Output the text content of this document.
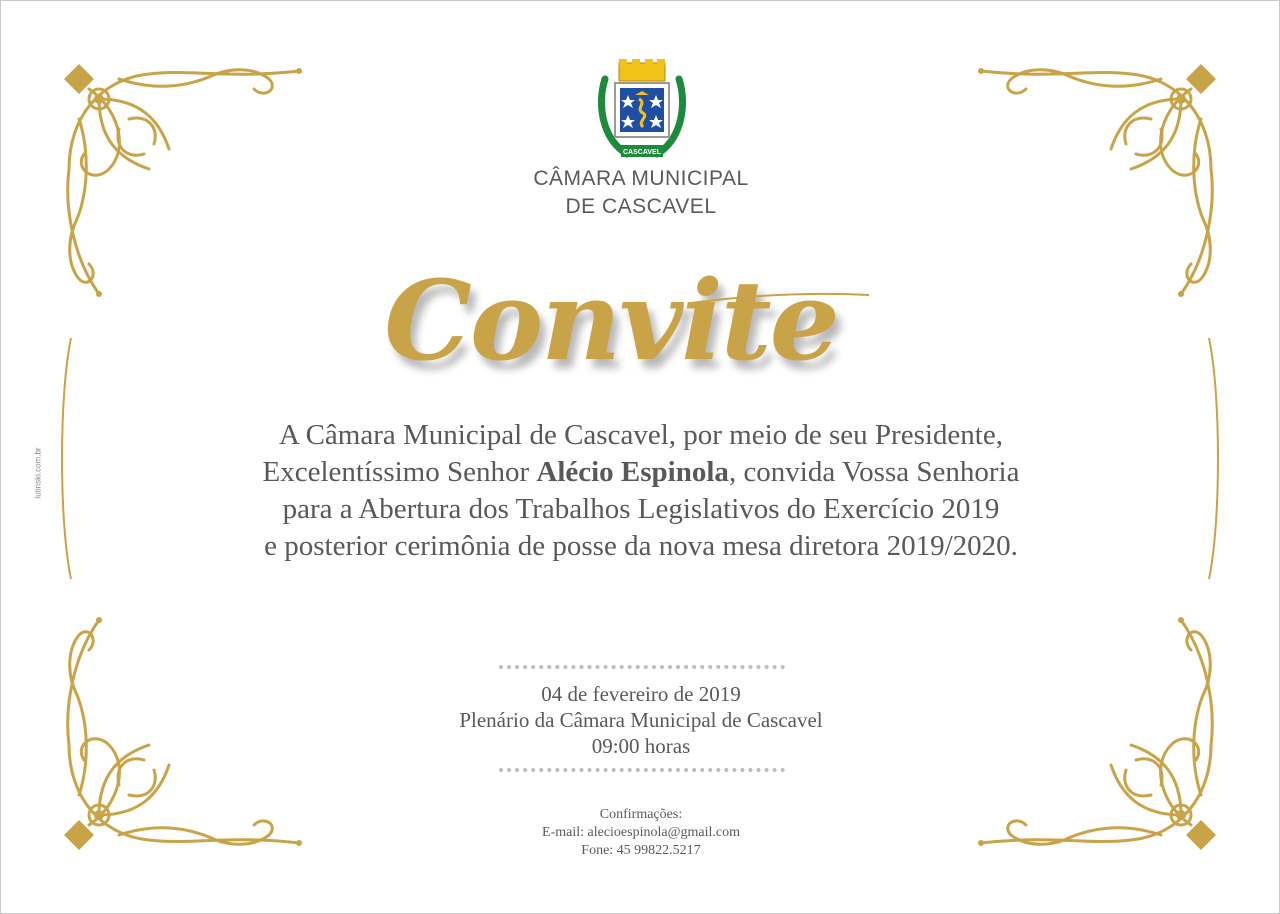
lutinski.com.br
CASCAVEL
CÂMARA MUNICIPAL
DE CASCAVEL
Convite

A Câmara Municipal de Cascavel, por meio de seu Presidente,

Excelentíssimo Senhor Alécio Espinola, convida Vossa Senhoria

para a Abertura dos Trabalhos Legislativos do Exercício 2019

e posterior cerimônia de posse da nova mesa diretora 2019/2020.

04 de fevereiro de 2019
Plenário da Câmara Municipal de Cascavel
09:00 horas
Confirmações:
E-mail: alecioespinola@gmail.com
Fone: 45 99822.5217
